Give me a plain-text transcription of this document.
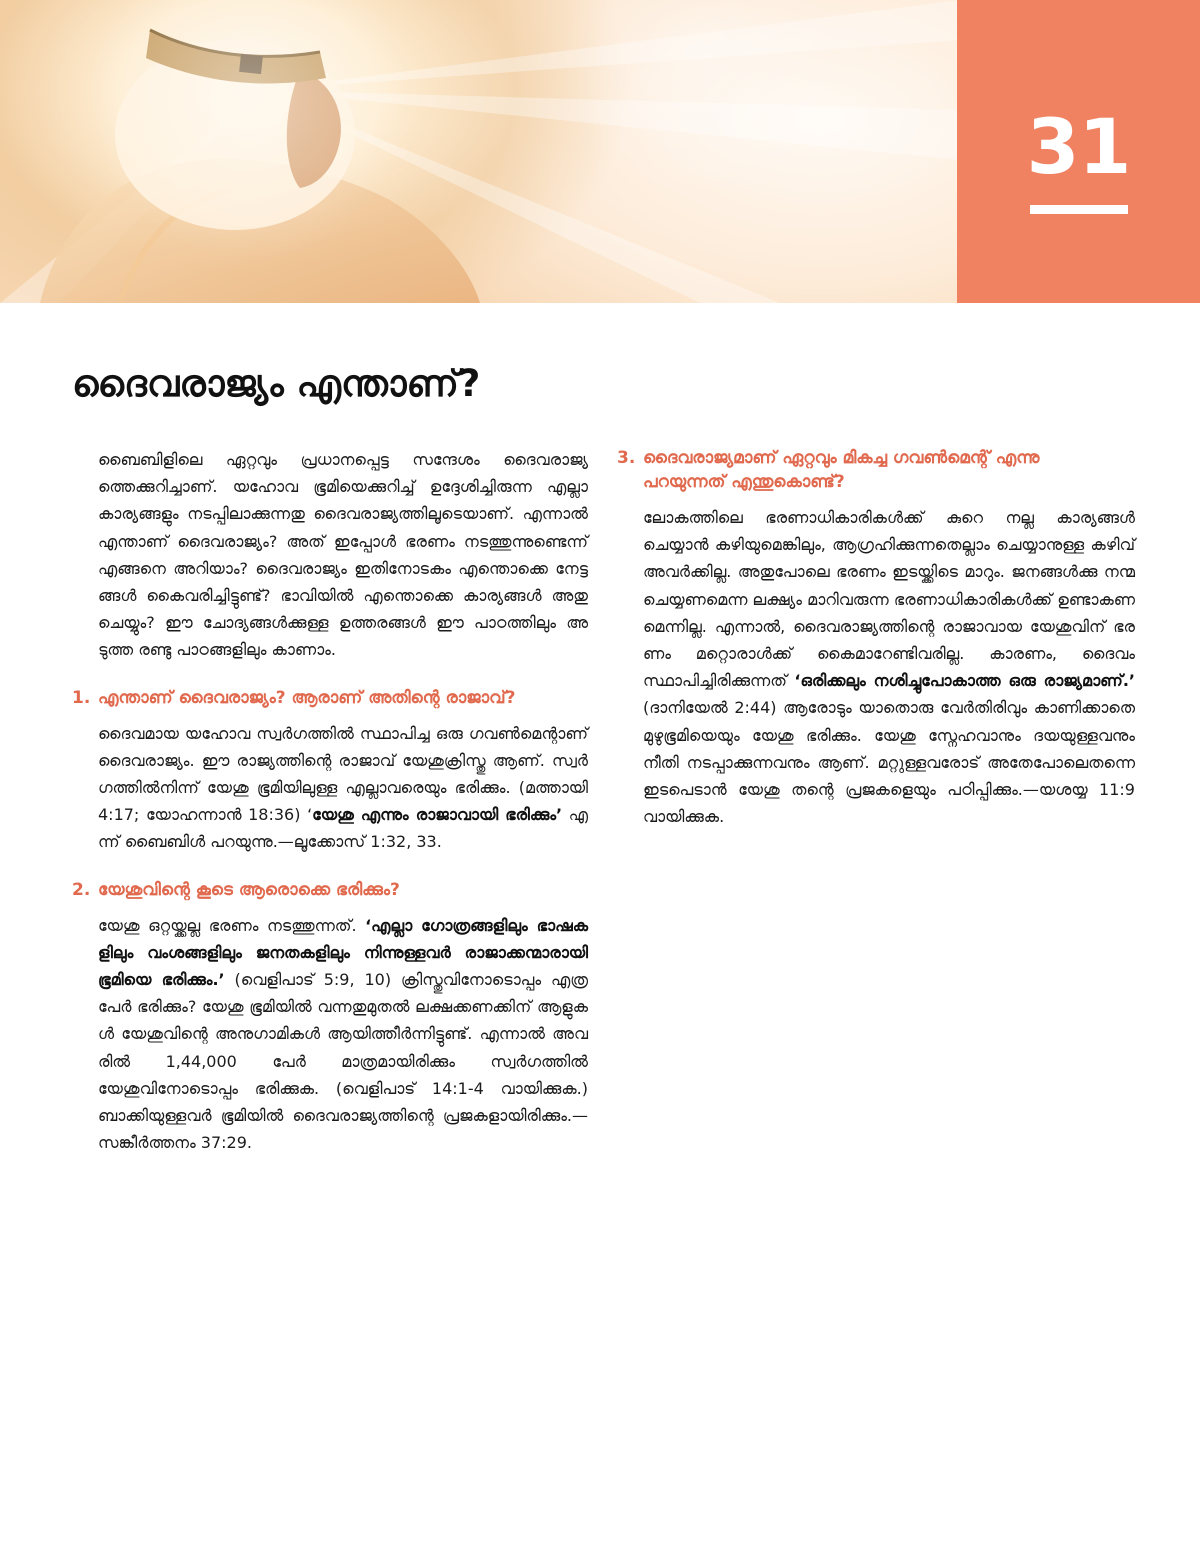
31
ദൈവരാജ്യം എന്താണ്?

ബൈബിളിലെ ഏറ്റവും പ്രധാനപ്പെട്ട സന്ദേശം ദൈവരാജ്യത്തെക്കുറിച്ചാണ്. യഹോവ ഭൂമിയെക്കുറിച്ച് ഉദ്ദേശിച്ചിരുന്ന എല്ലാ കാര്യങ്ങളും നടപ്പിലാക്കുന്നതു ദൈവരാജ്യത്തിലൂടെയാണ്. എന്നാൽ എന്താണ് ദൈവരാജ്യം? അത് ഇപ്പോൾ ഭരണം നടത്തുന്നുണ്ടെന്ന് എങ്ങനെ അറിയാം? ദൈവരാജ്യം ഇതിനോടകം എന്തൊക്കെ നേട്ടങ്ങൾ കൈവരിച്ചിട്ടുണ്ട്? ഭാവിയിൽ എന്തൊക്കെ കാര്യങ്ങൾ അതു ചെയ്യും? ഈ ചോദ്യങ്ങൾക്കുള്ള ഉത്തരങ്ങൾ ഈ പാഠത്തിലും അടുത്ത രണ്ടു പാഠങ്ങളിലും കാണാം.

1. എന്താണ് ദൈവരാജ്യം? ആരാണ് അതിന്റെ രാജാവ്?

ദൈവമായ യഹോവ സ്വർഗത്തിൽ സ്ഥാപിച്ച ഒരു ഗവൺമെന്റാണ് ദൈവരാജ്യം. ഈ രാജ്യത്തിന്റെ രാജാവ് യേശുക്രിസ്തു ആണ്. സ്വർഗത്തിൽനിന്ന് യേശു ഭൂമിയിലുള്ള എല്ലാവരെയും ഭരിക്കും. (മത്തായി 4:17; യോഹന്നാൻ 18:36) ‘യേശു എന്നും രാജാവായി ഭരിക്കും’ എന്ന് ബൈബിൾ പറയുന്നു.—ലൂക്കോസ് 1:32, 33.

2. യേശുവിന്റെ കൂടെ ആരൊക്കെ ഭരിക്കും?

യേശു ഒറ്റയ്ക്കല്ല ഭരണം നടത്തുന്നത്. ‘എല്ലാ ഗോത്രങ്ങളിലും ഭാഷകളിലും വംശങ്ങളിലും ജനതകളിലും നിന്നുള്ളവർ രാജാക്കന്മാരായി ഭൂമിയെ ഭരിക്കും.’ (വെളിപാട് 5:9, 10) ക്രിസ്തുവിനോടൊപ്പം എത്ര പേർ ഭരിക്കും? യേശു ഭൂമിയിൽ വന്നതുമുതൽ ലക്ഷക്കണക്കിന് ആളുകൾ യേശുവിന്റെ അനുഗാമികൾ ആയിത്തീർന്നിട്ടുണ്ട്. എന്നാൽ അവരിൽ 1,44,000 പേർ മാത്രമായിരിക്കും സ്വർഗത്തിൽ യേശുവിനോടൊപ്പം ഭരിക്കുക. (വെളിപാട് 14:1-4 വായിക്കുക.) ബാക്കിയുള്ളവർ ഭൂമിയിൽ ദൈവരാജ്യത്തിന്റെ പ്രജകളായിരിക്കും.—സങ്കീർത്തനം 37:29.

3. ദൈവരാജ്യമാണ് ഏറ്റവും മികച്ച ഗവൺമെന്റ് എന്നു പറയുന്നത് എന്തുകൊണ്ട്?

ലോകത്തിലെ ഭരണാധികാരികൾക്ക് കുറെ നല്ല കാര്യങ്ങൾ ചെയ്യാൻ കഴിയുമെങ്കിലും, ആഗ്രഹിക്കുന്നതെല്ലാം ചെയ്യാനുള്ള കഴിവ് അവർക്കില്ല. അതുപോലെ ഭരണം ഇടയ്ക്കിടെ മാറും. ജനങ്ങൾക്കു നന്മ ചെയ്യണമെന്ന ലക്ഷ്യം മാറിവരുന്ന ഭരണാധികാരികൾക്ക് ഉണ്ടാകണമെന്നില്ല. എന്നാൽ, ദൈവരാജ്യത്തിന്റെ രാജാവായ യേശുവിന് ഭരണം മറ്റൊരാൾക്ക് കൈമാറേണ്ടിവരില്ല. കാരണം, ദൈവം സ്ഥാപിച്ചിരിക്കുന്നത് ‘ഒരിക്കലും നശിച്ചുപോകാത്ത ഒരു രാജ്യമാണ്.’ (ദാനിയേൽ 2:44) ആരോടും യാതൊരു വേർതിരിവും കാണിക്കാതെ മുഴുഭൂമിയെയും യേശു ഭരിക്കും. യേശു സ്നേഹവാനും ദയയുള്ളവനും നീതി നടപ്പാക്കുന്നവനും ആണ്. മറ്റുള്ളവരോട് അതേപോലെതന്നെ ഇടപെടാൻ യേശു തന്റെ പ്രജകളെയും പഠിപ്പിക്കും.—യശയ്യ 11:9 വായിക്കുക.
